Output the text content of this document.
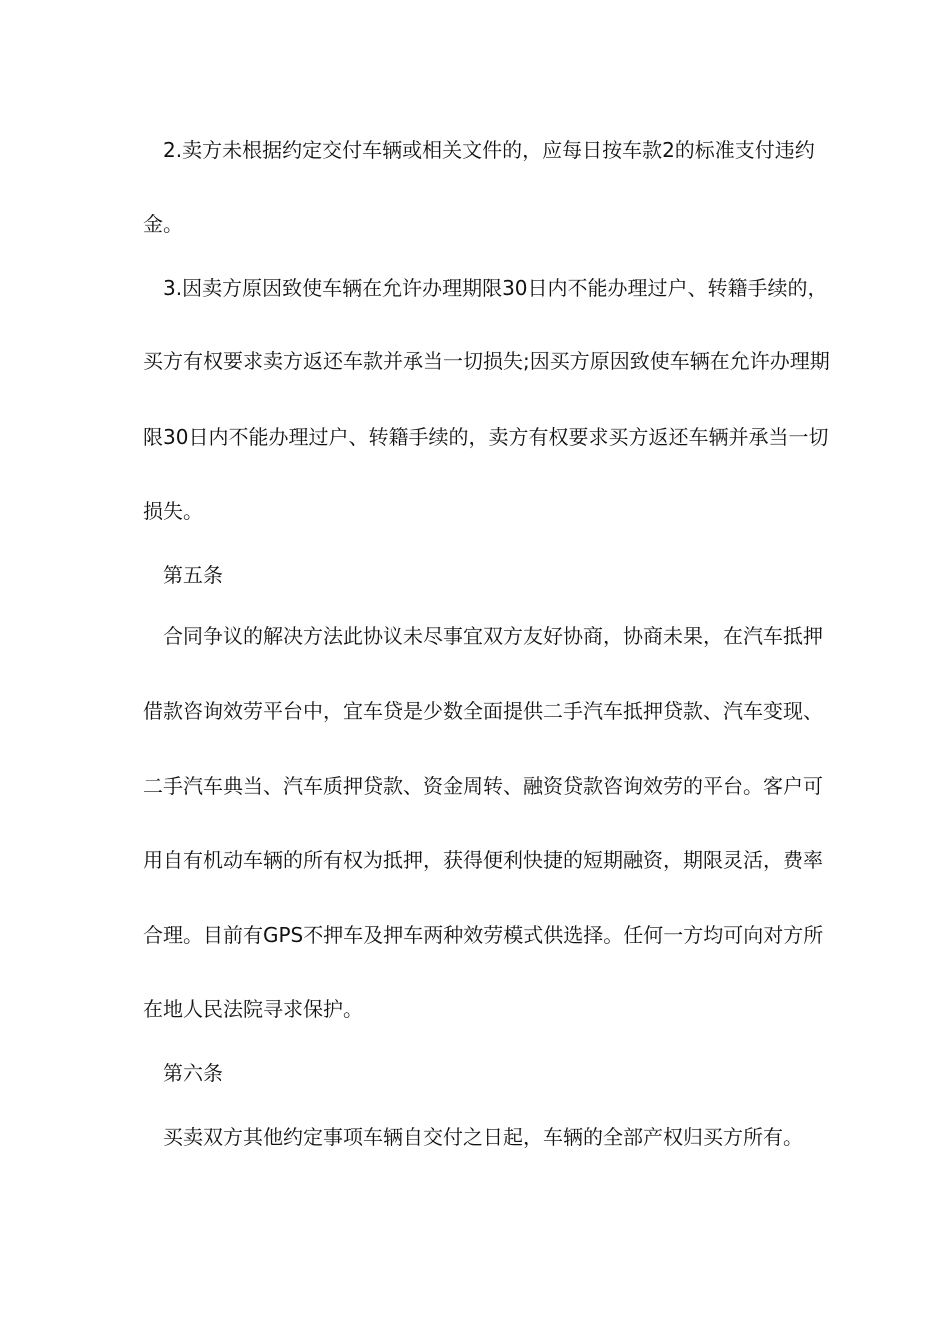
2.卖方未根据约定交付车辆或相关文件的，应每日按车款2的标准支付违约
金。
3.因卖方原因致使车辆在允许办理期限30日内不能办理过户、转籍手续的，
买方有权要求卖方返还车款并承当一切损失;因买方原因致使车辆在允许办理期
限30日内不能办理过户、转籍手续的，卖方有权要求买方返还车辆并承当一切
损失。
第五条
合同争议的解决方法此协议未尽事宜双方友好协商，协商未果，在汽车抵押
借款咨询效劳平台中，宜车贷是少数全面提供二手汽车抵押贷款、汽车变现、
二手汽车典当、汽车质押贷款、资金周转、融资贷款咨询效劳的平台。客户可
用自有机动车辆的所有权为抵押，获得便利快捷的短期融资，期限灵活，费率
合理。目前有GPS不押车及押车两种效劳模式供选择。任何一方均可向对方所
在地人民法院寻求保护。
第六条
买卖双方其他约定事项车辆自交付之日起，车辆的全部产权归买方所有。
